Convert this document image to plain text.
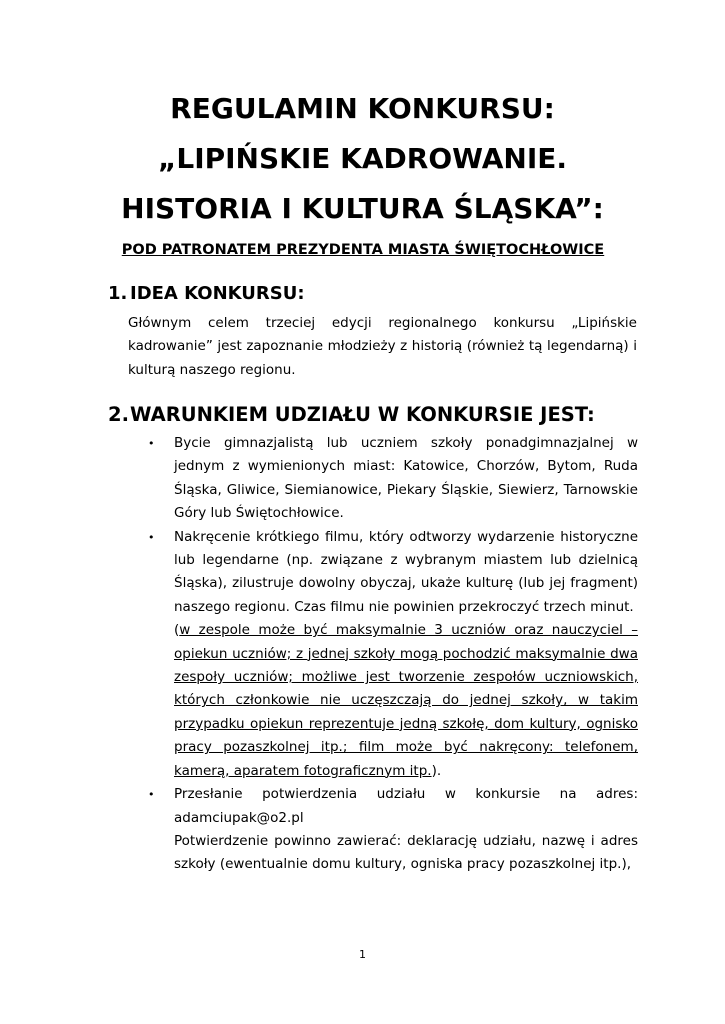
REGULAMIN KONKURSU:
„LIPIŃSKIE KADROWANIE.
HISTORIA I KULTURA ŚLĄSKA”:

POD PATRONATEM PREZYDENTA MIASTA ŚWIĘTOCHŁOWICE

1. IDEA KONKURSU:

Głównym celem trzeciej edycji regionalnego konkursu „Lipińskie kadrowanie” jest zapoznanie młodzieży z historią (również tą legendarną) i kulturą naszego regionu.

2.WARUNKIEM UDZIAŁU W KONKURSIE JEST:
• Bycie gimnazjalistą lub uczniem szkoły ponadgimnazjalnej w jednym z wymienionych miast: Katowice, Chorzów, Bytom, Ruda Śląska, Gliwice, Siemianowice, Piekary Śląskie, Siewierz, Tarnowskie Góry lub Świętochłowice.
• Nakręcenie krótkiego filmu, który odtworzy wydarzenie historyczne lub legendarne (np. związane z wybranym miastem lub dzielnicą Śląska), zilustruje dowolny obyczaj, ukaże kulturę (lub jej fragment) naszego regionu. Czas filmu nie powinien przekroczyć trzech minut.
(w zespole może być maksymalnie 3 uczniów oraz nauczyciel – opiekun uczniów; z jednej szkoły mogą pochodzić maksymalnie dwa zespoły uczniów; możliwe jest tworzenie zespołów uczniowskich, których członkowie nie uczęszczają do jednej szkoły, w takim przypadku opiekun reprezentuje jedną szkołę, dom kultury, ognisko pracy pozaszkolnej itp.; film może być nakręcony: telefonem, kamerą, aparatem fotograficznym itp.).
• Przesłanie potwierdzenia udziału w konkursie na adres: adamciupak@o2.pl
Potwierdzenie powinno zawierać: deklarację udziału, nazwę i adres szkoły (ewentualnie domu kultury, ogniska pracy pozaszkolnej itp.),

1
